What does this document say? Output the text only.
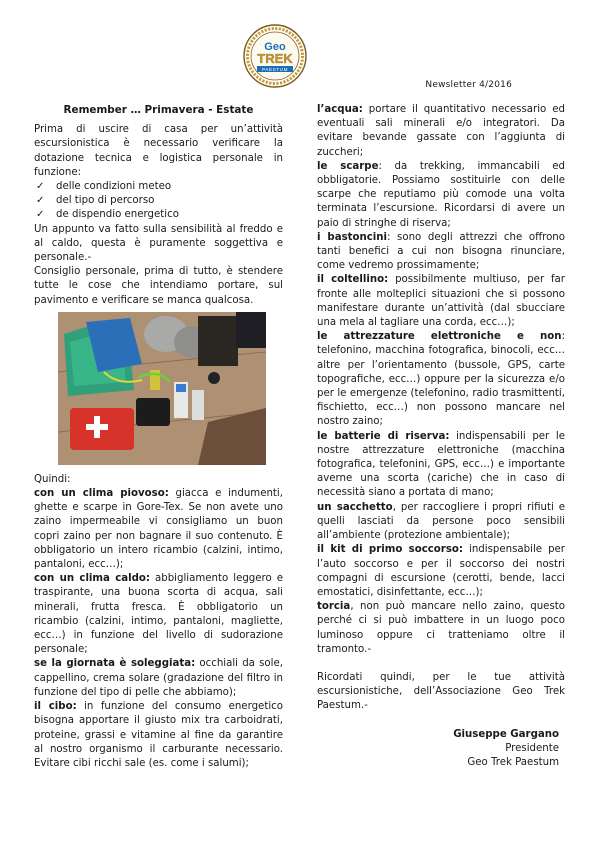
Geo
TREK
PAESTUM
Newsletter 4/2016
Remember … Primavera - Estate

Prima di uscire di casa per un’attività escursionistica è necessario verificare la dotazione tecnica e logistica personale in funzione:

✓ delle condizioni meteo
✓ del tipo di percorso
✓ de dispendio energetico

Un appunto va fatto sulla sensibilità al freddo e al caldo, questa è puramente soggettiva e personale.-

Consiglio personale, prima di tutto, è stendere tutte le cose che intendiamo portare, sul pavimento e verificare se manca qualcosa.

Quindi:

con un clima piovoso: giacca e indumenti, ghette e scarpe in Gore-Tex. Se non avete uno zaino impermeabile vi consigliamo un buon copri zaino per non bagnare il suo contenuto. È obbligatorio un intero ricambio (calzini, intimo, pantaloni, ecc…);

con un clima caldo: abbigliamento leggero e traspirante, una buona scorta di acqua, sali minerali, frutta fresca. È obbligatorio un ricambio (calzini, intimo, pantaloni, magliette, ecc…) in funzione del livello di sudorazione personale;

se la giornata è soleggiata: occhiali da sole, cappellino, crema solare (gradazione del filtro in funzione del tipo di pelle che abbiamo);

il cibo: in funzione del consumo energetico bisogna apportare il giusto mix tra carboidrati, proteine, grassi e vitamine al fine da garantire al nostro organismo il carburante necessario. Evitare cibi ricchi sale (es. come i salumi);

l’acqua: portare il quantitativo necessario ed eventuali sali minerali e/o integratori. Da evitare bevande gassate con l’aggiunta di zuccheri;

le scarpe: da trekking, immancabili ed obbligatorie. Possiamo sostituirle con delle scarpe che reputiamo più comode una volta terminata l’escursione. Ricordarsi di avere un paio di stringhe di riserva;

i bastoncini: sono degli attrezzi che offrono tanti benefici a cui non bisogna rinunciare, come vedremo prossimamente;

il coltellino: possibilmente multiuso, per far fronte alle molteplici situazioni che si possono manifestare durante un’attività (dal sbucciare una mela al tagliare una corda, ecc…);

le attrezzature elettroniche e non: telefonino, macchina fotografica, binocoli, ecc… altre per l’orientamento (bussole, GPS, carte topografiche, ecc…) oppure per la sicurezza e/o per le emergenze (telefonino, radio trasmittenti, fischietto, ecc…) non possono mancare nel nostro zaino;

le batterie di riserva: indispensabili per le nostre attrezzature elettroniche (macchina fotografica, telefonini, GPS, ecc…) e importante averne una scorta (cariche) che in caso di necessità siano a portata di mano;

un sacchetto, per raccogliere i propri rifiuti e quelli lasciati da persone poco sensibili all’ambiente (protezione ambientale);

il kit di primo soccorso: indispensabile per l’auto soccorso e per il soccorso dei nostri compagni di escursione (cerotti, bende, lacci emostatici, disinfettante, ecc…);

torcia, non può mancare nello zaino, questo perché ci si può imbattere in un luogo poco luminoso oppure ci tratteniamo oltre il tramonto.-

Ricordati quindi, per le tue attività escursionistiche, dell’Associazione Geo Trek Paestum.-

Giuseppe Gargano

Presidente

Geo Trek Paestum
